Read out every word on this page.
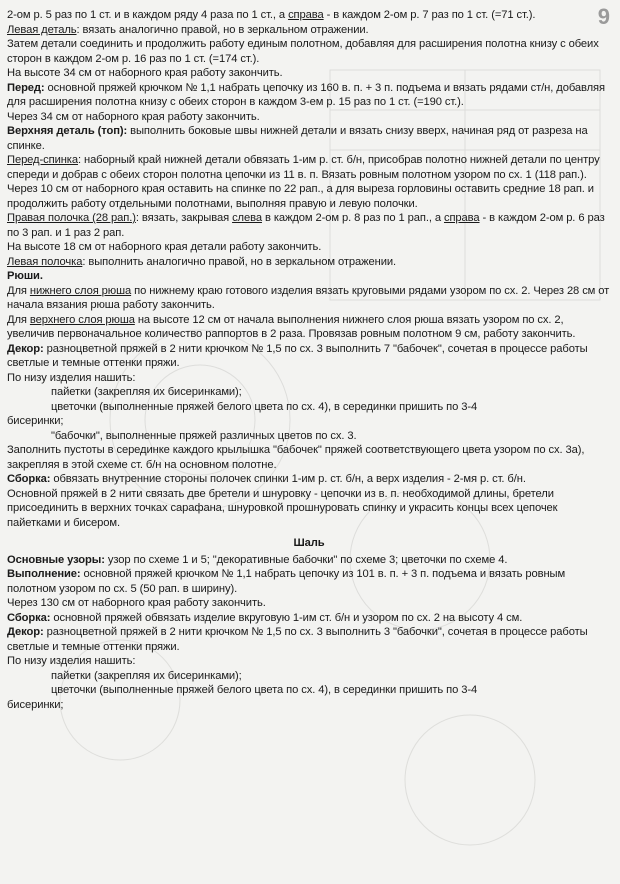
9

2-ом р. 5 раз по 1 ст. и в каждом ряду 4 раза по 1 ст., а справа - в каждом 2-ом р. 7 раз по 1 ст. (=71 ст.).

Левая деталь: вязать аналогично правой, но в зеркальном отражении.

Затем детали соединить и продолжить работу единым полотном, добавляя для расширения полотна книзу с обеих сторон в каждом 2-ом р. 16 раз по 1 ст. (=174 ст.).

На высоте 34 см от наборного края работу закончить.

Перед: основной пряжей крючком № 1,1 набрать цепочку из 160 в. п. + 3 п. подъема и вязать рядами ст/н, добавляя для расширения полотна книзу с обеих сторон в каждом 3-ем р. 15 раз по 1 ст. (=190 ст.).

Через 34 см от наборного края работу закончить.

Верхняя деталь (топ): выполнить боковые швы нижней детали и вязать снизу вверх, начиная ряд от разреза на спинке.

Перед-спинка: наборный край нижней детали обвязать 1-им р. ст. б/н, присобрав полотно нижней детали по центру спереди и добрав с обеих сторон полотна цепочки из 11 в. п. Вязать ровным полотном узором по сх. 1 (118 рап.).

Через 10 см от наборного края оставить на спинке по 22 рап., а для выреза горловины оставить средние 18 рап. и продолжить работу отдельными полотнами, выполняя правую и левую полочки.

Правая полочка (28 рап.): вязать, закрывая слева в каждом 2-ом р. 8 раз по 1 рап., а справа - в каждом 2-ом р. 6 раз по 3 рап. и 1 раз 2 рап.

На высоте 18 см от наборного края детали работу закончить.

Левая полочка: выполнить аналогично правой, но в зеркальном отражении.

Рюши.

Для нижнего слоя рюша по нижнему краю готового изделия вязать круговыми рядами узором по сх. 2. Через 28 см от начала вязания рюша работу закончить.

Для верхнего слоя рюша на высоте 12 см от начала выполнения нижнего слоя рюша вязать узором по сх. 2, увеличив первоначальное количество раппортов в 2 раза. Провязав ровным полотном 9 см, работу закончить.

Декор: разноцветной пряжей в 2 нити крючком № 1,5 по сх. 3 выполнить 7 "бабочек", сочетая в процессе работы светлые и темные оттенки пряжи.

По низу изделия нашить:

пайетки (закрепляя их бисеринками);

цветочки (выполненные пряжей белого цвета по сх. 4), в серединки пришить по 3-4

бисеринки;

"бабочки", выполненные пряжей различных цветов по сх. 3.

Заполнить пустоты в серединке каждого крылышка "бабочек" пряжей соответствующего цвета узором по сх. 3а), закрепляя в этой схеме ст. б/н на основном полотне.

Сборка: обвязать внутренние стороны полочек спинки 1-им р. ст. б/н, а верх изделия - 2-мя р. ст. б/н.

Основной пряжей в 2 нити связать две бретели и шнуровку - цепочки из в. п. необходимой длины, бретели присоединить в верхних точках сарафана, шнуровкой прошнуровать спинку и украсить концы всех цепочек пайетками и бисером.

Шаль

Основные узоры: узор по схеме 1 и 5; "декоративные бабочки" по схеме 3; цветочки по схеме 4.

Выполнение: основной пряжей крючком № 1,1 набрать цепочку из 101 в. п. + 3 п. подъема и вязать ровным полотном узором по сх. 5 (50 рап. в ширину).

Через 130 см от наборного края работу закончить.

Сборка: основной пряжей обвязать изделие вкруговую 1-им ст. б/н и узором по сх. 2 на высоту 4 см.

Декор: разноцветной пряжей в 2 нити крючком № 1,5 по сх. 3 выполнить 3 "бабочки", сочетая в процессе работы светлые и темные оттенки пряжи.

По низу изделия нашить:

пайетки (закрепляя их бисеринками);

цветочки (выполненные пряжей белого цвета по сх. 4), в серединки пришить по 3-4

бисеринки;
